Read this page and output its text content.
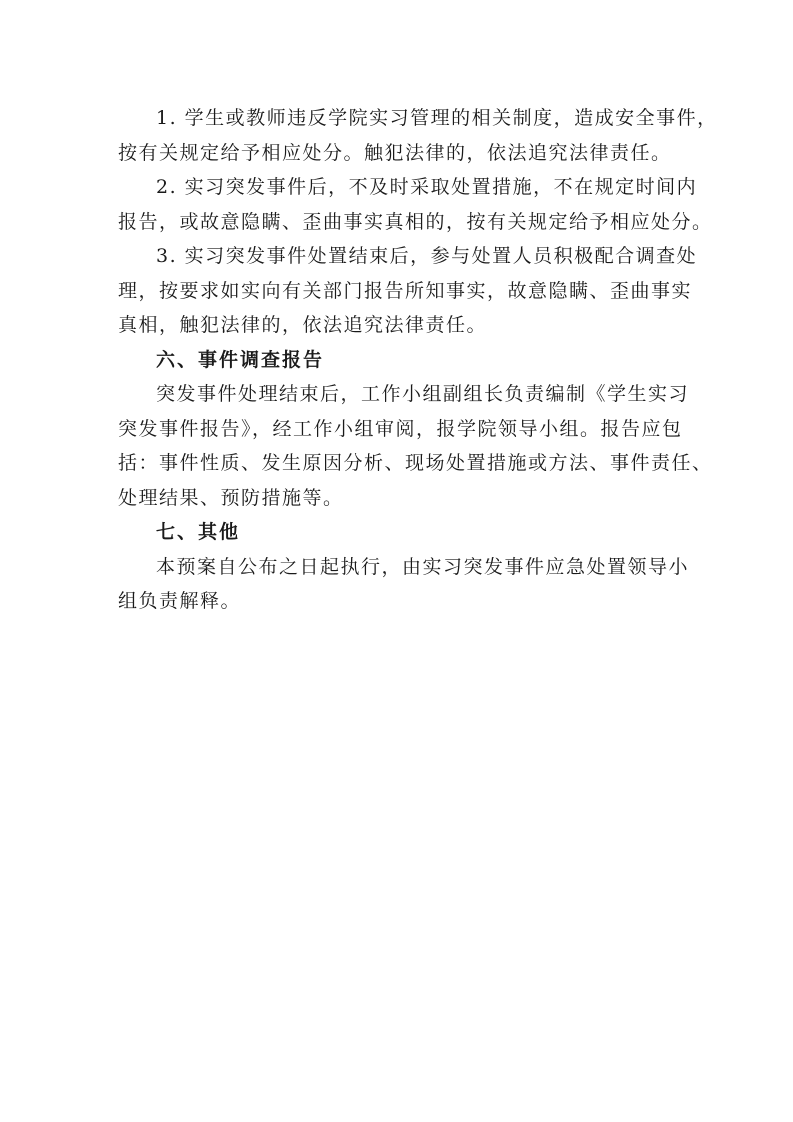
1. 学生或教师违反学院实习管理的相关制度，造成安全事件，
按有关规定给予相应处分。触犯法律的，依法追究法律责任。

2. 实习突发事件后，不及时采取处置措施，不在规定时间内
报告，或故意隐瞒、歪曲事实真相的，按有关规定给予相应处分。

3. 实习突发事件处置结束后，参与处置人员积极配合调查处
理，按要求如实向有关部门报告所知事实，故意隐瞒、歪曲事实
真相，触犯法律的，依法追究法律责任。

六、事件调查报告

突发事件处理结束后，工作小组副组长负责编制《学生实习
突发事件报告》，经工作小组审阅，报学院领导小组。报告应包
括：事件性质、发生原因分析、现场处置措施或方法、事件责任、
处理结果、预防措施等。

七、其他

本预案自公布之日起执行，由实习突发事件应急处置领导小
组负责解释。
